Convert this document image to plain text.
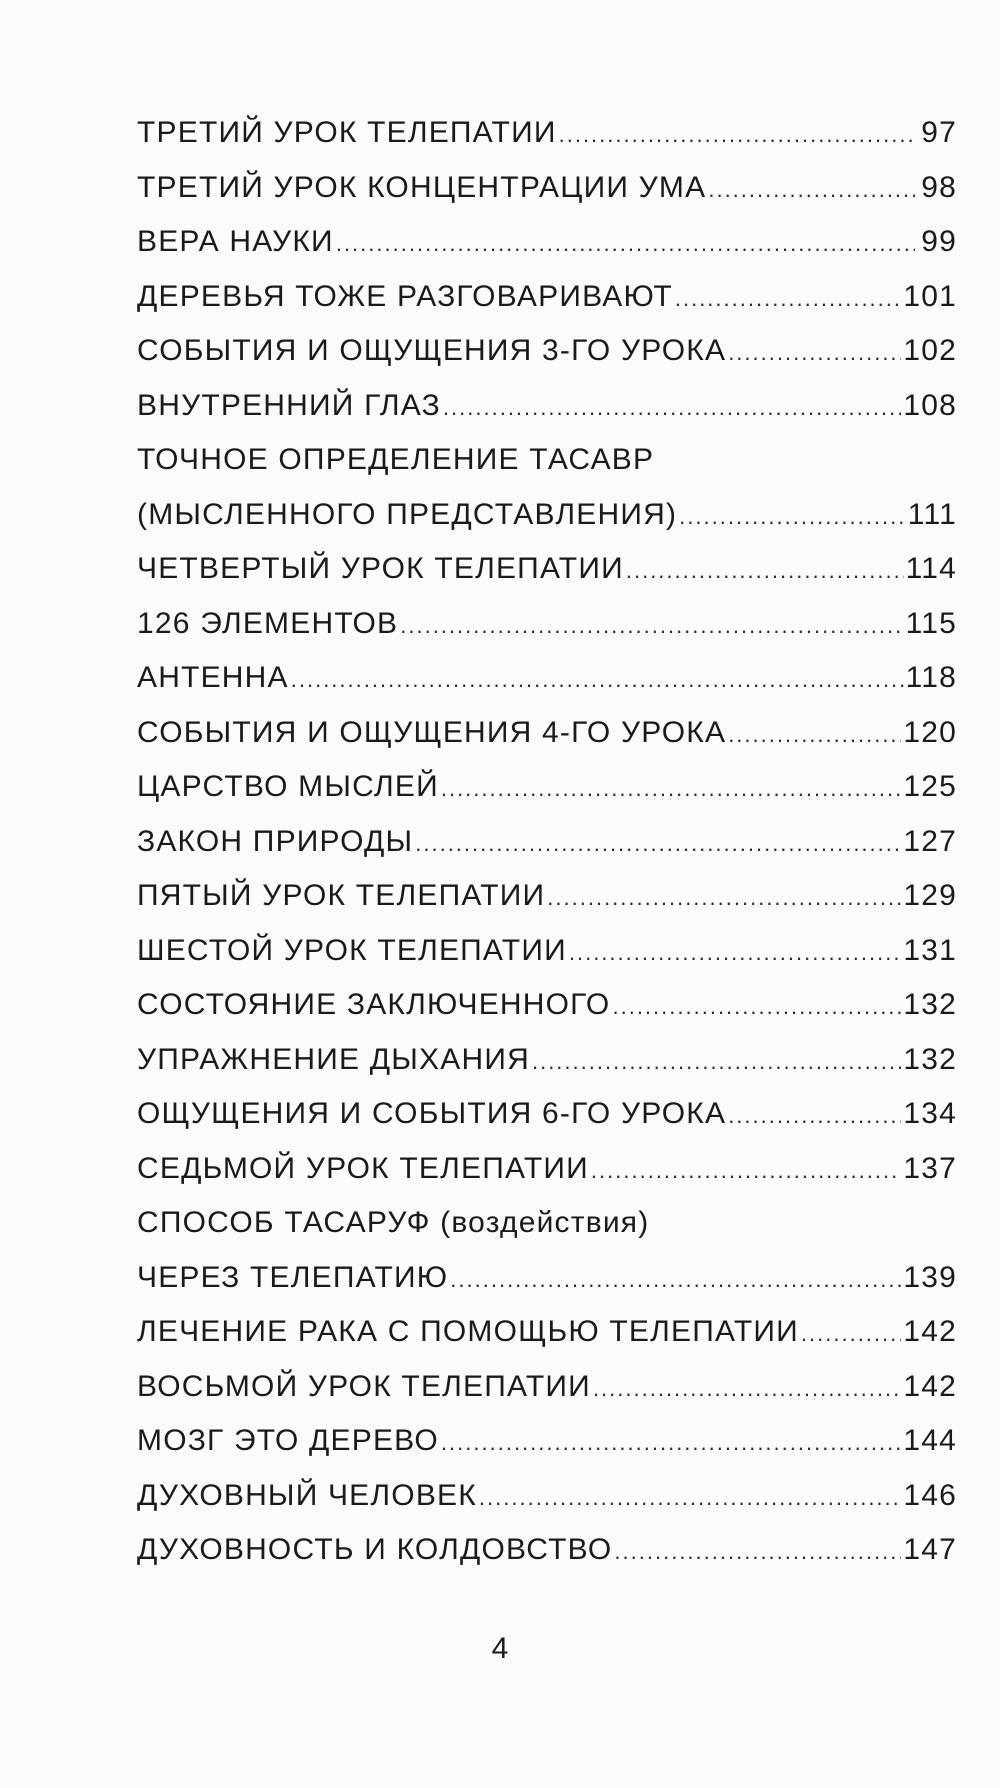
ТРЕТИЙ УРОК ТЕЛЕПАТИИ .....	97
ТРЕТИЙ УРОК КОНЦЕНТРАЦИИ УМА .....	98
ВЕРА НАУКИ .....	99
ДЕРЕВЬЯ ТОЖЕ РАЗГОВАРИВАЮТ .....	101
СОБЫТИЯ И ОЩУЩЕНИЯ 3-ГО УРОКА .....	102
ВНУТРЕННИЙ ГЛАЗ .....	108
ТОЧНОЕ ОПРЕДЕЛЕНИЕ ТАСАВР
(МЫСЛЕННОГО ПРЕДСТАВЛЕНИЯ) .....	111
ЧЕТВЕРТЫЙ УРОК ТЕЛЕПАТИИ .....	114
126 ЭЛЕМЕНТОВ .....	115
АНТЕННА .....	118
СОБЫТИЯ И ОЩУЩЕНИЯ 4-ГО УРОКА .....	120
ЦАРСТВО МЫСЛЕЙ .....	125
ЗАКОН ПРИРОДЫ .....	127
ПЯТЫЙ УРОК ТЕЛЕПАТИИ .....	129
ШЕСТОЙ УРОК ТЕЛЕПАТИИ .....	131
СОСТОЯНИЕ ЗАКЛЮЧЕННОГО .....	132
УПРАЖНЕНИЕ ДЫХАНИЯ .....	132
ОЩУЩЕНИЯ И СОБЫТИЯ 6-ГО УРОКА .....	134
СЕДЬМОЙ УРОК ТЕЛЕПАТИИ .....	137
СПОСОБ ТАСАРУФ (воздействия)
ЧЕРЕЗ ТЕЛЕПАТИЮ .....	139
ЛЕЧЕНИЕ РАКА С ПОМОЩЬЮ ТЕЛЕПАТИИ .....	142
ВОСЬМОЙ УРОК ТЕЛЕПАТИИ .....	142
МОЗГ ЭТО ДЕРЕВО .....	144
ДУХОВНЫЙ ЧЕЛОВЕК .....	146
ДУХОВНОСТЬ И КОЛДОВСТВО .....	147
4
